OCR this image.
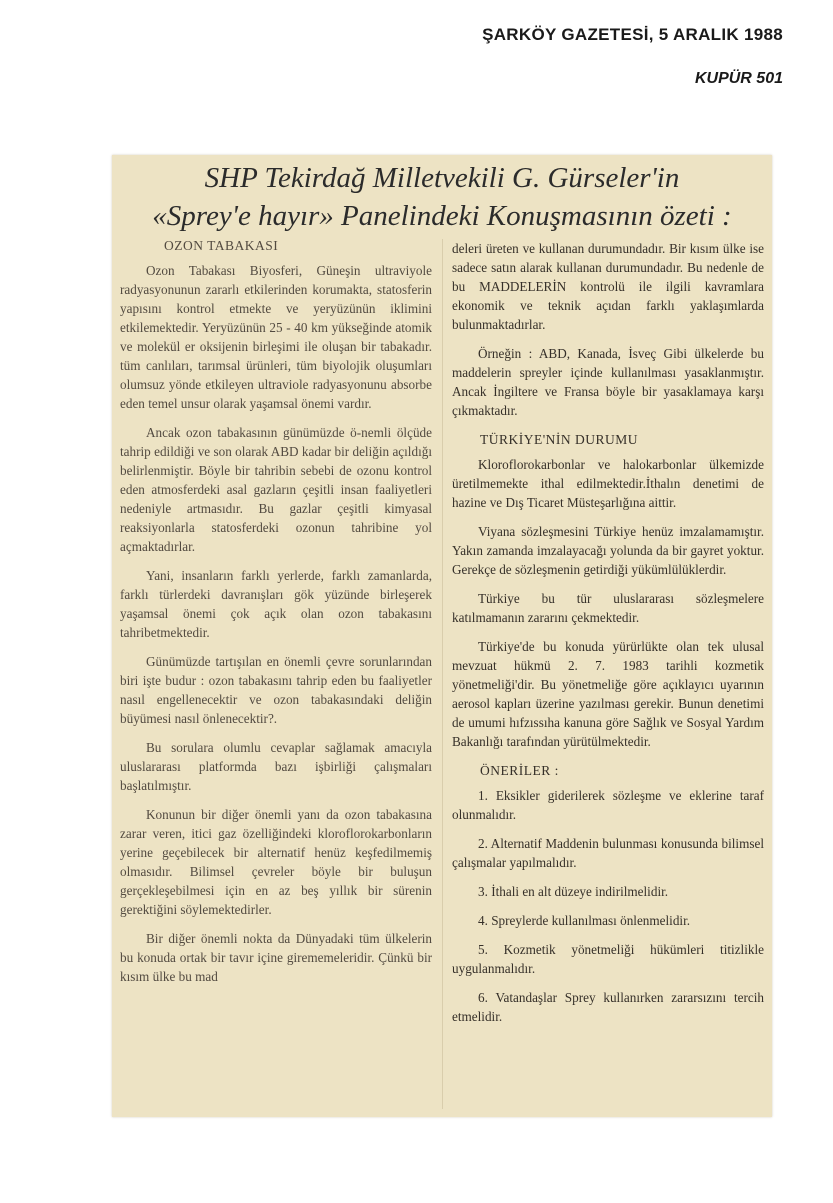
ŞARKÖY GAZETESİ, 5 ARALIK 1988
KUPÜR 501
SHP Tekirdağ Milletvekili G. Gürseler'in
«Sprey'e hayır» Panelindeki Konuşmasının özeti :
OZON TABAKASI

Ozon Tabakası Biyosferi, Güneşin ultraviyole radyasyonunun zararlı etkilerinden korumakta, statosferin yapısını kontrol etmekte ve yeryüzünün iklimini etkilemektedir. Yeryüzünün 25 - 40 km yükseğinde atomik ve molekül er oksijenin birleşimi ile oluşan bir tabakadır. tüm canlıları, tarımsal ürünleri, tüm biyolojik oluşumları olumsuz yönde etkileyen ultraviole radyasyonunu absorbe eden temel unsur olarak yaşamsal önemi vardır.

Ancak ozon tabakasının günümüzde ö-nemli ölçüde tahrip edildiği ve son olarak ABD kadar bir deliğin açıldığı belirlenmiştir. Böyle bir tahribin sebebi de ozonu kontrol eden atmosferdeki asal gazların çeşitli insan faaliyetleri nedeniyle artmasıdır. Bu gazlar çeşitli kimyasal reaksiyonlarla statosferdeki ozonun tahribine yol açmaktadırlar.

Yani, insanların farklı yerlerde, farklı zamanlarda, farklı türlerdeki davranışları gök yüzünde birleşerek yaşamsal önemi çok açık olan ozon tabakasını tahribetmektedir.

Günümüzde tartışılan en önemli çevre sorunlarından biri işte budur : ozon tabakasını tahrip eden bu faaliyetler nasıl engellenecektir ve ozon tabakasındaki deliğin büyümesi nasıl önlenecektir?.

Bu sorulara olumlu cevaplar sağlamak amacıyla uluslararası platformda bazı işbirliği çalışmaları başlatılmıştır.

Konunun bir diğer önemli yanı da ozon tabakasına zarar veren, itici gaz özelliğindeki kloroflorokarbonların yerine geçebilecek bir alternatif henüz keşfedilmemiş olmasıdır. Bilimsel çevreler böyle bir buluşun gerçekleşebilmesi için en az beş yıllık bir sürenin gerektiğini söylemektedirler.

Bir diğer önemli nokta da Dünyadaki tüm ülkelerin bu konuda ortak bir tavır içine girememeleridir. Çünkü bir kısım ülke bu mad

deleri üreten ve kullanan durumundadır. Bir kısım ülke ise sadece satın alarak kullanan durumundadır. Bu nedenle de bu MADDELERİN kontrolü ile ilgili kavramlara ekonomik ve teknik açıdan farklı yaklaşımlarda bulunmaktadırlar.

Örneğin : ABD, Kanada, İsveç Gibi ülkelerde bu maddelerin spreyler içinde kullanılması yasaklanmıştır. Ancak İngiltere ve Fransa böyle bir yasaklamaya karşı çıkmaktadır.

TÜRKİYE'NİN DURUMU

Kloroflorokarbonlar ve halokarbonlar ülkemizde üretilmemekte ithal edilmektedir.İthalın denetimi de hazine ve Dış Ticaret Müsteşarlığına aittir.

Viyana sözleşmesini Türkiye henüz imzalamamıştır. Yakın zamanda imzalayacağı yolunda da bir gayret yoktur. Gerekçe de sözleşmenin getirdiği yükümlülüklerdir.

Türkiye bu tür uluslararası sözleşmelere katılmamanın zararını çekmektedir.

Türkiye'de bu konuda yürürlükte olan tek ulusal mevzuat hükmü 2. 7. 1983 tarihli kozmetik yönetmeliği'dir. Bu yönetmeliğe göre açıklayıcı uyarının aerosol kapları üzerine yazılması gerekir. Bunun denetimi de umumi hıfzıssıha kanuna göre Sağlık ve Sosyal Yardım Bakanlığı tarafından yürütülmektedir.

ÖNERİLER :
1. Eksikler giderilerek sözleşme ve eklerine taraf olunmalıdır.
2. Alternatif Maddenin bulunması konusunda bilimsel çalışmalar yapılmalıdır.
3. İthali en alt düzeye indirilmelidir.
4. Spreylerde kullanılması önlenmelidir.
5. Kozmetik yönetmeliği hükümleri titizlikle uygulanmalıdır.
6. Vatandaşlar Sprey kullanırken zararsızını tercih etmelidir.
